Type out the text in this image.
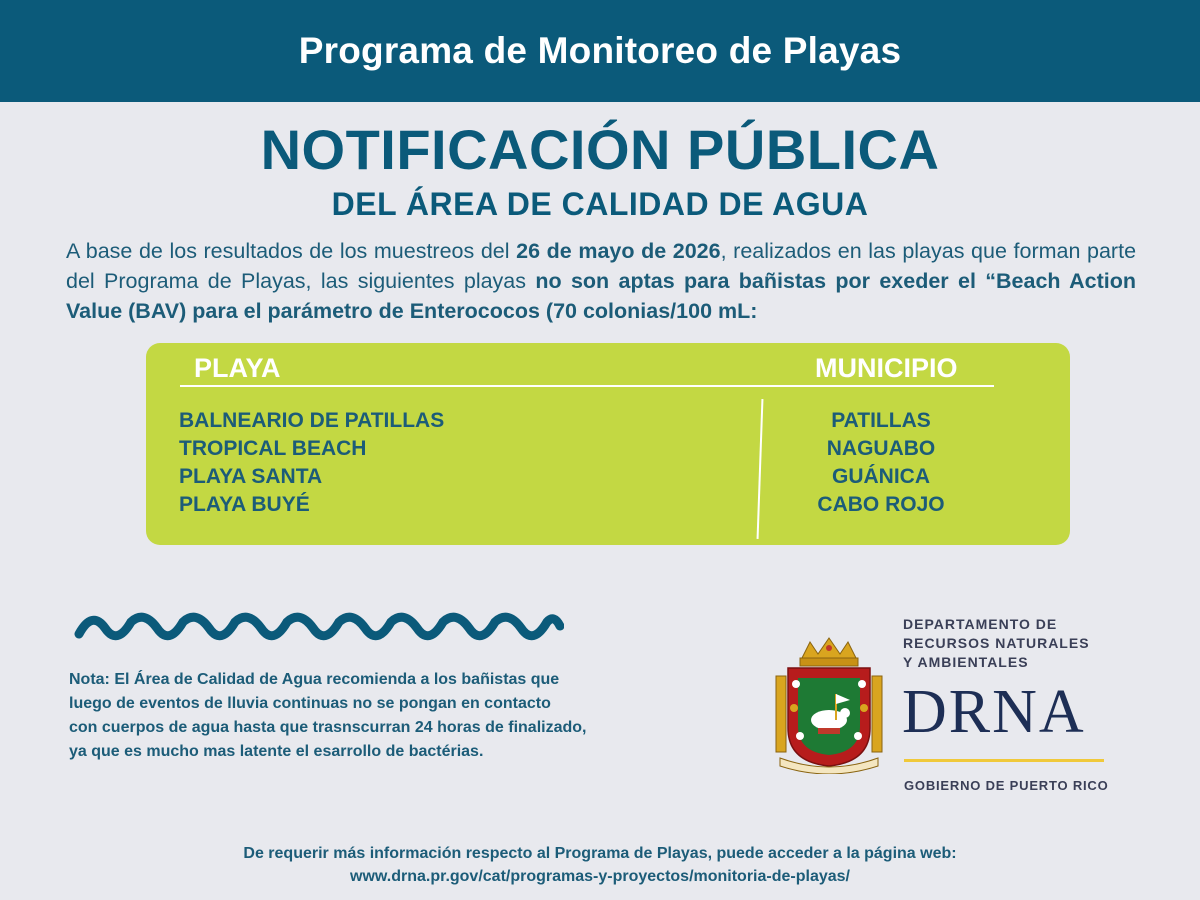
Programa de Monitoreo de Playas
NOTIFICACIÓN PÚBLICA
DEL ÁREA DE CALIDAD DE AGUA
A base de los resultados de los muestreos del 26 de mayo de 2026, realizados en las playas que forman parte del Programa de Playas, las siguientes playas no son aptas para bañistas por exeder el “Beach Action Value (BAV) para el parámetro de Enterococos (70 colonias/100 mL:
PLAYA	MUNICIPIO
BALNEARIO DE PATILLAS
TROPICAL BEACH
PLAYA SANTA
PLAYA BUYÉ
PATILLAS
NAGUABO
GUÁNICA
CABO ROJO
Nota: El Área de Calidad de Agua recomienda a los bañistas que
luego de eventos de lluvia continuas no se pongan en contacto
con cuerpos de agua hasta que trasnscurran 24 horas de finalizado,
ya que es mucho mas latente el esarrollo de bactérias.
DEPARTAMENTO DE
RECURSOS NATURALES
Y AMBIENTALES
DRNA
GOBIERNO DE PUERTO RICO
De requerir más información respecto al Programa de Playas, puede acceder a la página web:
www.drna.pr.gov/cat/programas-y-proyectos/monitoria-de-playas/
